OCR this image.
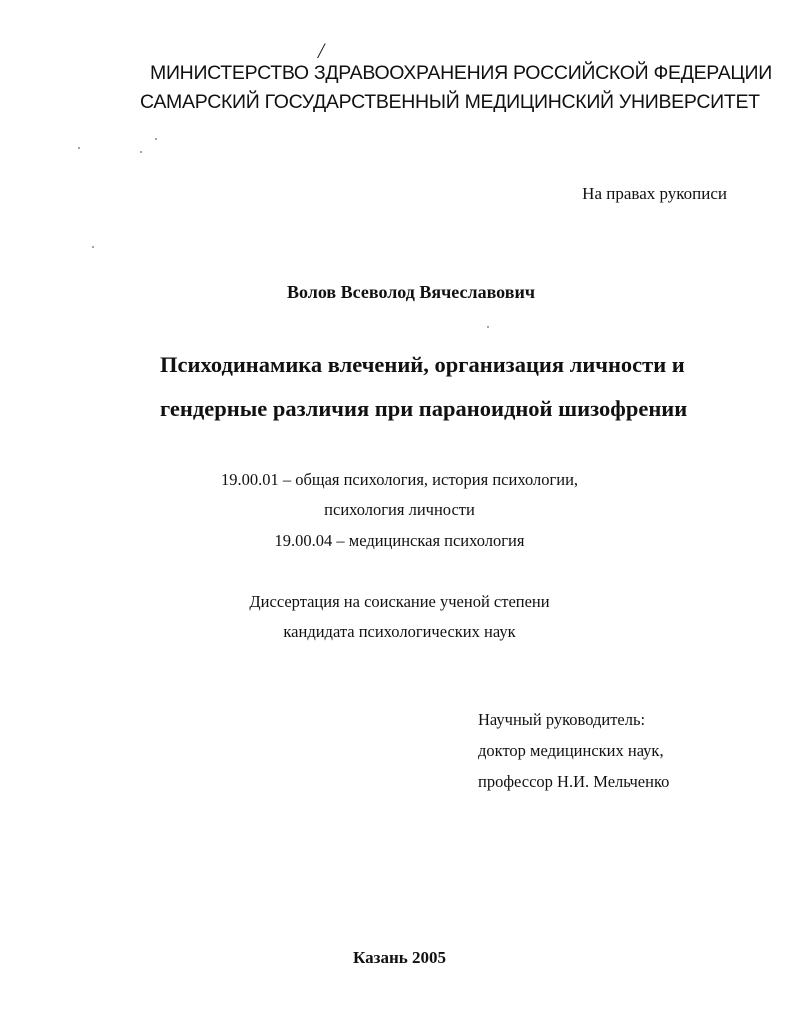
/
МИНИСТЕРСТВО ЗДРАВООХРАНЕНИЯ РОССИЙСКОЙ ФЕДЕРАЦИИ
САМАРСКИЙ ГОСУДАРСТВЕННЫЙ МЕДИЦИНСКИЙ УНИВЕРСИТЕТ
На правах рукописи
Волов Всеволод Вячеславович
Психодинамика влечений, организация личности и
гендерные различия при параноидной шизофрении
19.00.01 – общая психология, история психологии,
психология личности
19.00.04 – медицинская психология
Диссертация на соискание ученой степени
кандидата психологических наук
Научный руководитель:
доктор медицинских наук,
профессор Н.И. Мельченко
Казань 2005
